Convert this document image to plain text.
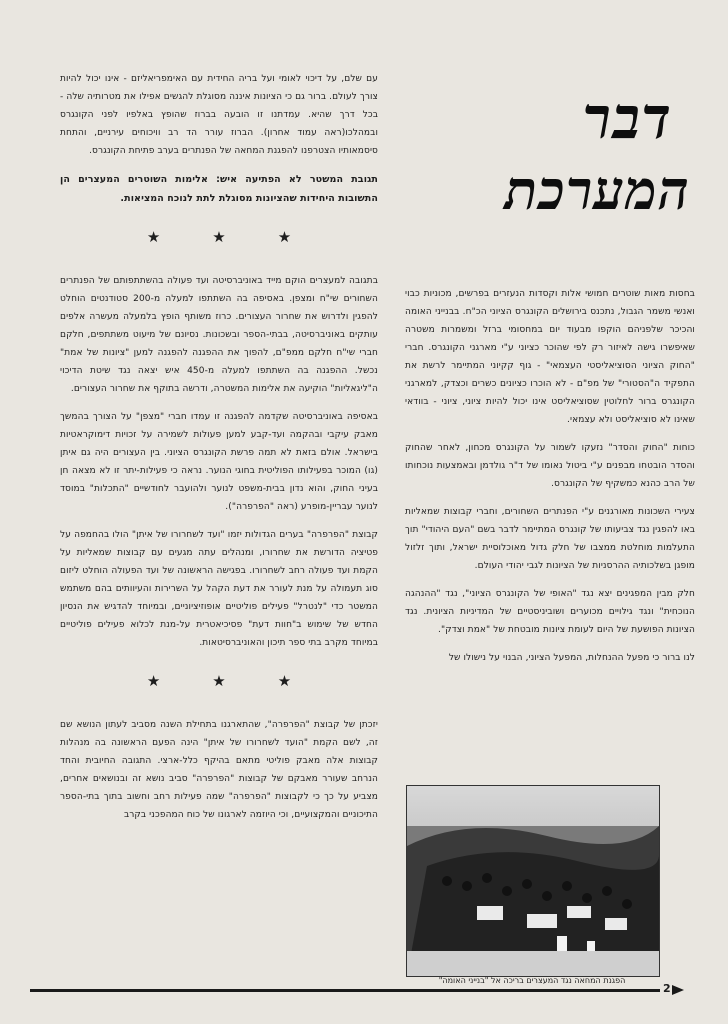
עם שלם, על דיכוי לאומי ועל בריה החידית עם האימפריאליזם - אינו יכול להיות צורך לעולם. ברור גם כי הציונות איננה מסוגלת להגשים אפילו את מטרותיה שלה - בכל דרך שהיא. עמדתנו זו הובעה בברוז שהופץ באלפיו לפני הקונגרס ובמהלכו(ראה עמוד אחרון). הברוז עורר הד רב וויכוחים עירניים, והתחת סיסמאותיו הצטרפנו להפגנת המחאה של הפנתרים בערב פתיחת הקונגרס.

תגובת המשטר לא הפתיעה איש: אלימות השוטרים המעצרים הן התשובות היחידות שהציונות מסוגלת לתת לנוכח המציאות.

★
★
★

בתגובה למעצרים הוקם מייד באוניברסיטה ועד פעולה בהשתתפותם של הפנתרים השחורים שי"ח ומצפן. באסיפה בה השתתפו למעלה מ-200 סטודנטים הוחלט להפגין ולדרוש את שחרור העצורים. כרוז משותף הופץ בלמעלה מעשרה אלפים עותקים באוניברסיטה, בבתי-הספר ובשכונות. נסיונם של מיעוט משתתפים, חלקם חברי שי"ח חלקם ממפ"ם, להפוך את ההפגנה להפגנה למען "ציונות של אמת" נכשל. ההפגנה בה השתתפו למעלה מ-450 איש יצאה נגד שיטת הדיכוי ה"ליגאליות" הוקיעה את אלימות המשטרה, ודרשה בתוקף את שחרור העצורים.

באסיפה באוניברסיטה שקדמה להפגנה זו עמדו חברי "מצפן" על הצורך בהמשך מאבק עיקבי ובהקמה ועד-קבע למען פעולות לשמירה על זכויות דימוקראטיות בישראל. אולם בזאת לא תמה פרשת הקונגרס הציוני. בין העצורים היה גם איתן (גו) המוכר בפעילותו הפוליטית בחוגי הנוער. נראה כי פעילות-יתר זו לא מצאה חן בעיני החוק, והוא נדון בבית-משפט לנוער ולהועבר לחודשיים "התכלות" במוסד לנוער עבריין-מופרע (ראה "הפרפרה").

קבוצת "הפרפרה" בערים הגדולות יזמו "ועד לשחרורו של איתן" הולו בהחמפה על פטיציה הדורשת את שחרורו, ומנהלים עתה מגעים עם קבוצות שמאליות על הקמת ועד פעולה רחב לשחרורו. בפגישה הראשונה של ועד הפעולה הוחלט ליזום סוג תעמולה על מנת לעורר את דעת הקהל על השרירות והעיוותים בהם משתמש המשטר כדי "לנטרל" פעילים פוליטיים אופוזיציוניים, ובמיוחד להדגיש את הנסיון החדש של שימוש ב"חוות דעת" פסיכיאטרית על-מנת לכלוא פעילים פוליטיים במיוחד מקרב בתי ספר תיכון והאוניברסיטאות.

★
★
★

יזכתן של קבוצת "הפרפרה", שהתארגנו בתחילת השנה מסביב לעתון הנושא שם זה, לשם הקמת "הועד לשחרורו של איתן" הינה הפעם הראשונה בה מנהלות קבוצות אלה מאבק פוליטי מתאם בהיקף כלל-ארצי. התגובה החיובית והחד הנרחב שעורר מאבקם של קבוצות "הפרפרה" סביב נושא זה ובנושאים אחרים, מצביע על כך כי לקבוצות "הפרפרה" שמה פעילות רחב וחשוב בתוך בתי-הספר התיכוניים והמקצועיים, וכי היוזמה לארגונו של כוח המהפכני בקרב

דבר
המערכת

בחסות מאות שוטרים חמושי אלות וקסדות הנעזרים בפרשים, מכוניות כבוי ואנשי משמר הגבול, נתכנס בירושלים הקונגרס הציוני הכ"ח. בבנייני האומה והכיכר שלפניהם הוקפו מבעוד יום במחסומי ברזל ומשמרות משטרה שאיפשרו גישה לאיזור רק לפי שהוכר כציוני ע"י מארגני הקונגרס. חברי "החוק הציוני הסוציאליסטי העצמאי" - גוף קקיוני המתיימר לרשת את התפקיד ה"הסטורי" של מפ"ם - לא הוכרו כציונים כשרים וכצדק, למארגני הקונגרס ברור לחלוטין שסוציאליסט אינו יכול להיות ציוני, ציוני - בוודאי שאינו לא סוציאליסט ולא עצמאי.

כוחות "החוק והסדר" נזעקו לשמור על הקונגרס מכחון, לאחר שהחוק והסדר הובטחו מבפנים ע"י ביטול נאומו של ד"ר גולדמן ובאמצעות נוכחותו של הרב כהנא כמשקיף של הקונגרס.

צעירי השכונות מאורגנים ע"י הפנתרים השחורים, וחברי קבוצות שמאליות באו להפגין נגד צביעותו של קונגרס המתיימר לדבר בשם "העם היהודי" תוך התעלמות מוחלטת ממצבו של חלק גדול מאוכלוסיית ישראל, ותוך זלזול מופגן בשלכותיה ההרסניות של הציונות לגבי יהודי העולם.

חלק מבין המפגינים יצא נגד "האופי של הקונגרס הציוני", נגד "ההנהגה הנוכחית" ונגד גילויים מכוערים ושוביניסטיים של המדיניות הציונית. נגד הציונות הפושעת של היום לעומת ציונות מובטחת של "אמת וצדק".

לנו ברור כי מפעל ההנחלות, המפעל הציוני, הבנוי על נישולו של

הפגנת המחאה נגד המעצרים בריכה אל "בנייני האומה"
2
